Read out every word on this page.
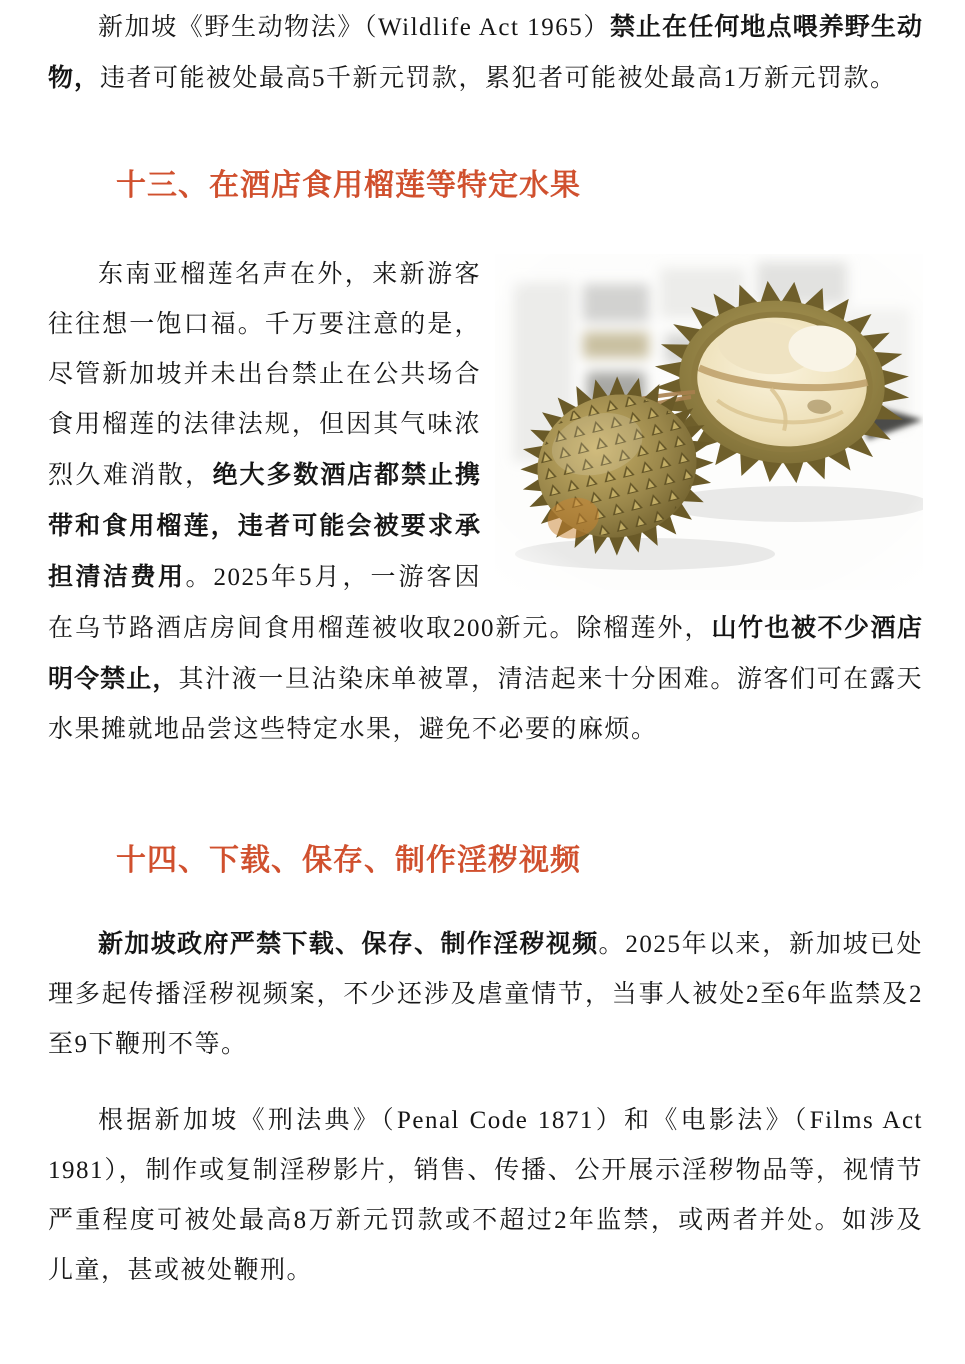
新加坡《野生动物法》（Wildlife Act 1965）禁止在任何地点喂养野生动物，违者可能被处最高5千新元罚款，累犯者可能被处最高1万新元罚款。

十三、在酒店食用榴莲等特定水果

东南亚榴莲名声在外，来新游客往往想一饱口福。千万要注意的是，尽管新加坡并未出台禁止在公共场合食用榴莲的法律法规，但因其气味浓烈久难消散，绝大多数酒店都禁止携带和食用榴莲，违者可能会被要求承担清洁费用。2025年5月，一游客因在乌节路酒店房间食用榴莲被收取200新元。除榴莲外，山竹也被不少酒店明令禁止，其汁液一旦沾染床单被罩，清洁起来十分困难。游客们可在露天水果摊就地品尝这些特定水果，避免不必要的麻烦。

十四、下载、保存、制作淫秽视频

新加坡政府严禁下载、保存、制作淫秽视频。2025年以来，新加坡已处理多起传播淫秽视频案，不少还涉及虐童情节，当事人被处2至6年监禁及2至9下鞭刑不等。

根据新加坡《刑法典》（Penal Code 1871）和《电影法》（Films Act 1981），制作或复制淫秽影片，销售、传播、公开展示淫秽物品等，视情节严重程度可被处最高8万新元罚款或不超过2年监禁，或两者并处。如涉及儿童，甚或被处鞭刑。
